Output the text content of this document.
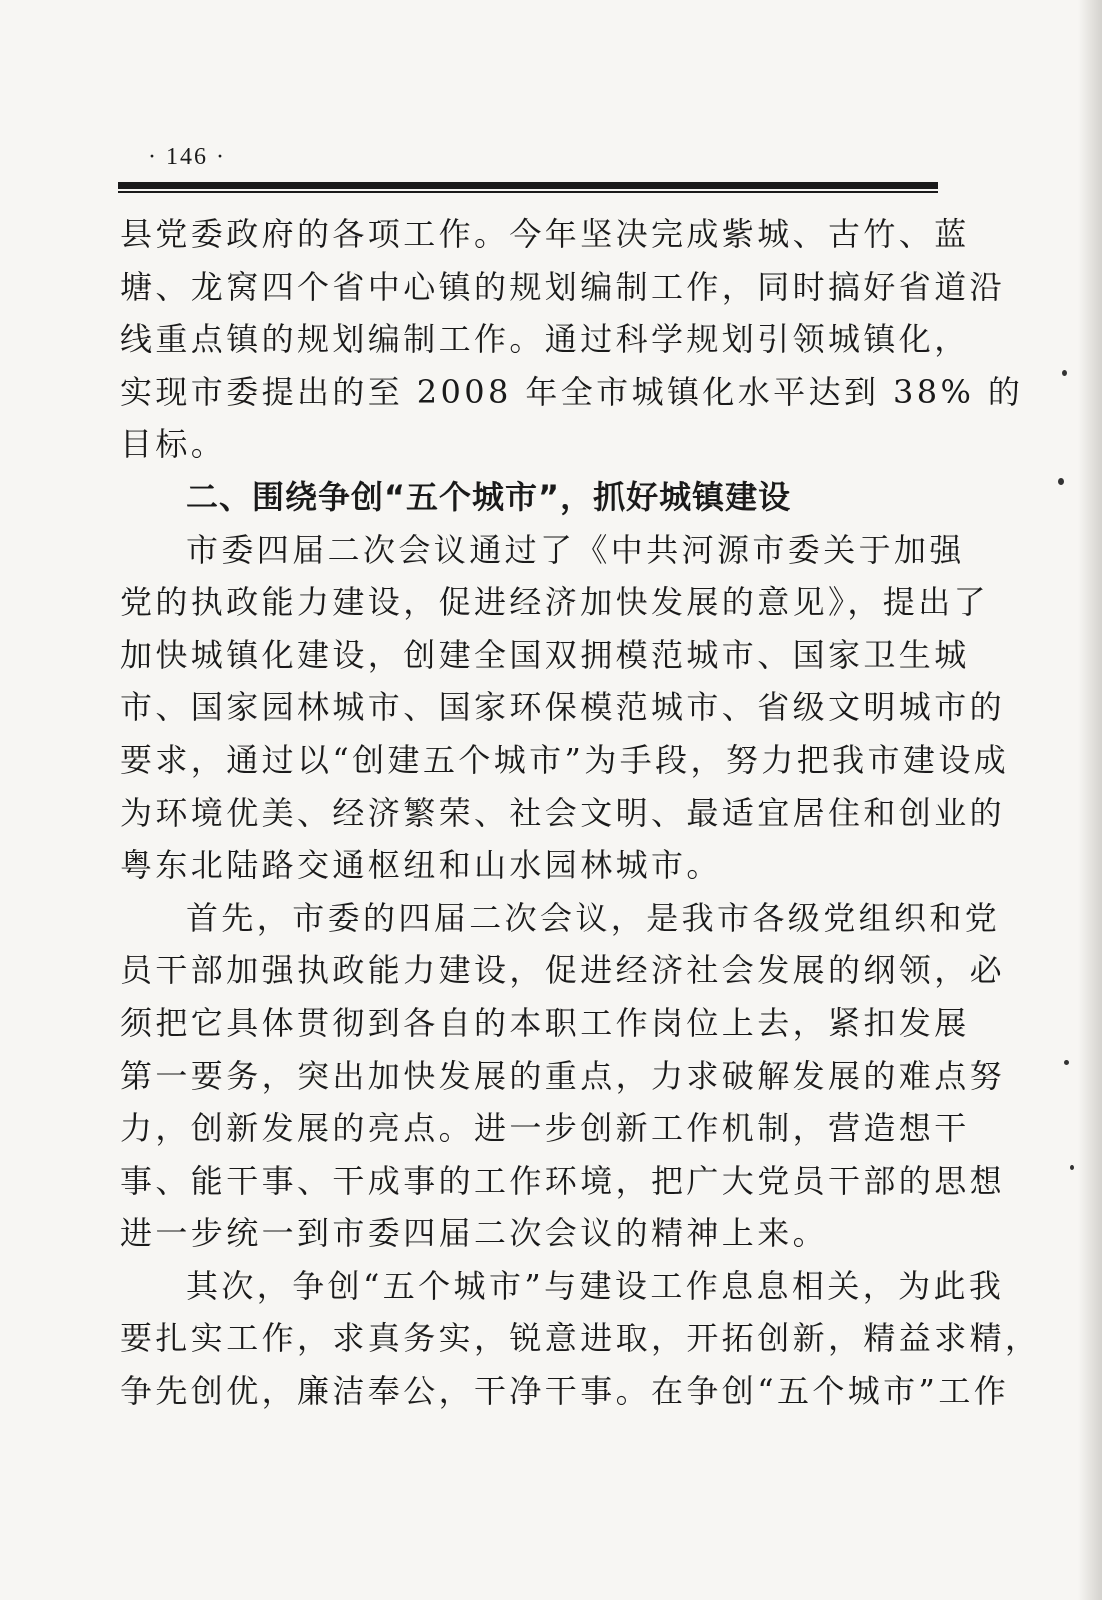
· 146 ·
县党委政府的各项工作。今年坚决完成紫城、古竹、蓝
塘、龙窝四个省中心镇的规划编制工作，同时搞好省道沿
线重点镇的规划编制工作。通过科学规划引领城镇化，
实现市委提出的至 2008 年全市城镇化水平达到 38% 的
目标。
二、围绕争创“五个城市”，抓好城镇建设
市委四届二次会议通过了《中共河源市委关于加强
党的执政能力建设，促进经济加快发展的意见》，提出了
加快城镇化建设，创建全国双拥模范城市、国家卫生城
市、国家园林城市、国家环保模范城市、省级文明城市的
要求，通过以“创建五个城市”为手段，努力把我市建设成
为环境优美、经济繁荣、社会文明、最适宜居住和创业的
粤东北陆路交通枢纽和山水园林城市。
首先，市委的四届二次会议，是我市各级党组织和党
员干部加强执政能力建设，促进经济社会发展的纲领，必
须把它具体贯彻到各自的本职工作岗位上去，紧扣发展
第一要务，突出加快发展的重点，力求破解发展的难点努
力，创新发展的亮点。进一步创新工作机制，营造想干
事、能干事、干成事的工作环境，把广大党员干部的思想
进一步统一到市委四届二次会议的精神上来。
其次，争创“五个城市”与建设工作息息相关，为此我
要扎实工作，求真务实，锐意进取，开拓创新，精益求精，
争先创优，廉洁奉公，干净干事。在争创“五个城市”工作
